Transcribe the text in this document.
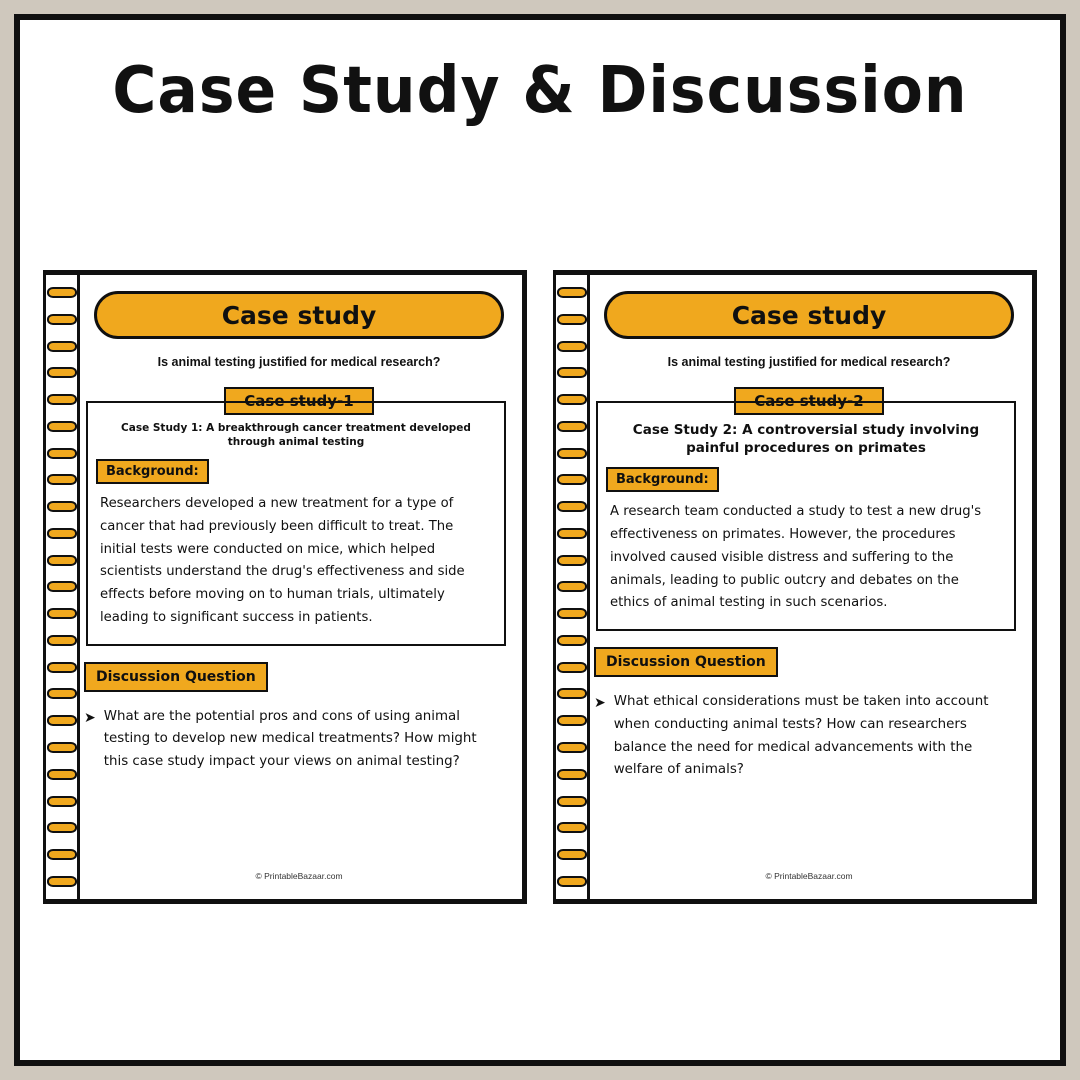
Case Study & Discussion
Case study
Is animal testing justified for medical research?
Case study-1
Case Study 1: A breakthrough cancer treatment developed through animal testing
Background:
Researchers developed a new treatment for a type of cancer that had previously been difficult to treat. The initial tests were conducted on mice, which helped scientists understand the drug's effectiveness and side effects before moving on to human trials, ultimately leading to significant success in patients.
Discussion Question
➤ What are the potential pros and cons of using animal testing to develop new medical treatments? How might this case study impact your views on animal testing?
© PrintableBazaar.com
Case study
Is animal testing justified for medical research?
Case study-2
Case Study 2: A controversial study involving painful procedures on primates
Background:
A research team conducted a study to test a new drug's effectiveness on primates. However, the procedures involved caused visible distress and suffering to the animals, leading to public outcry and debates on the ethics of animal testing in such scenarios.
Discussion Question
➤ What ethical considerations must be taken into account when conducting animal tests? How can researchers balance the need for medical advancements with the welfare of animals?
© PrintableBazaar.com
